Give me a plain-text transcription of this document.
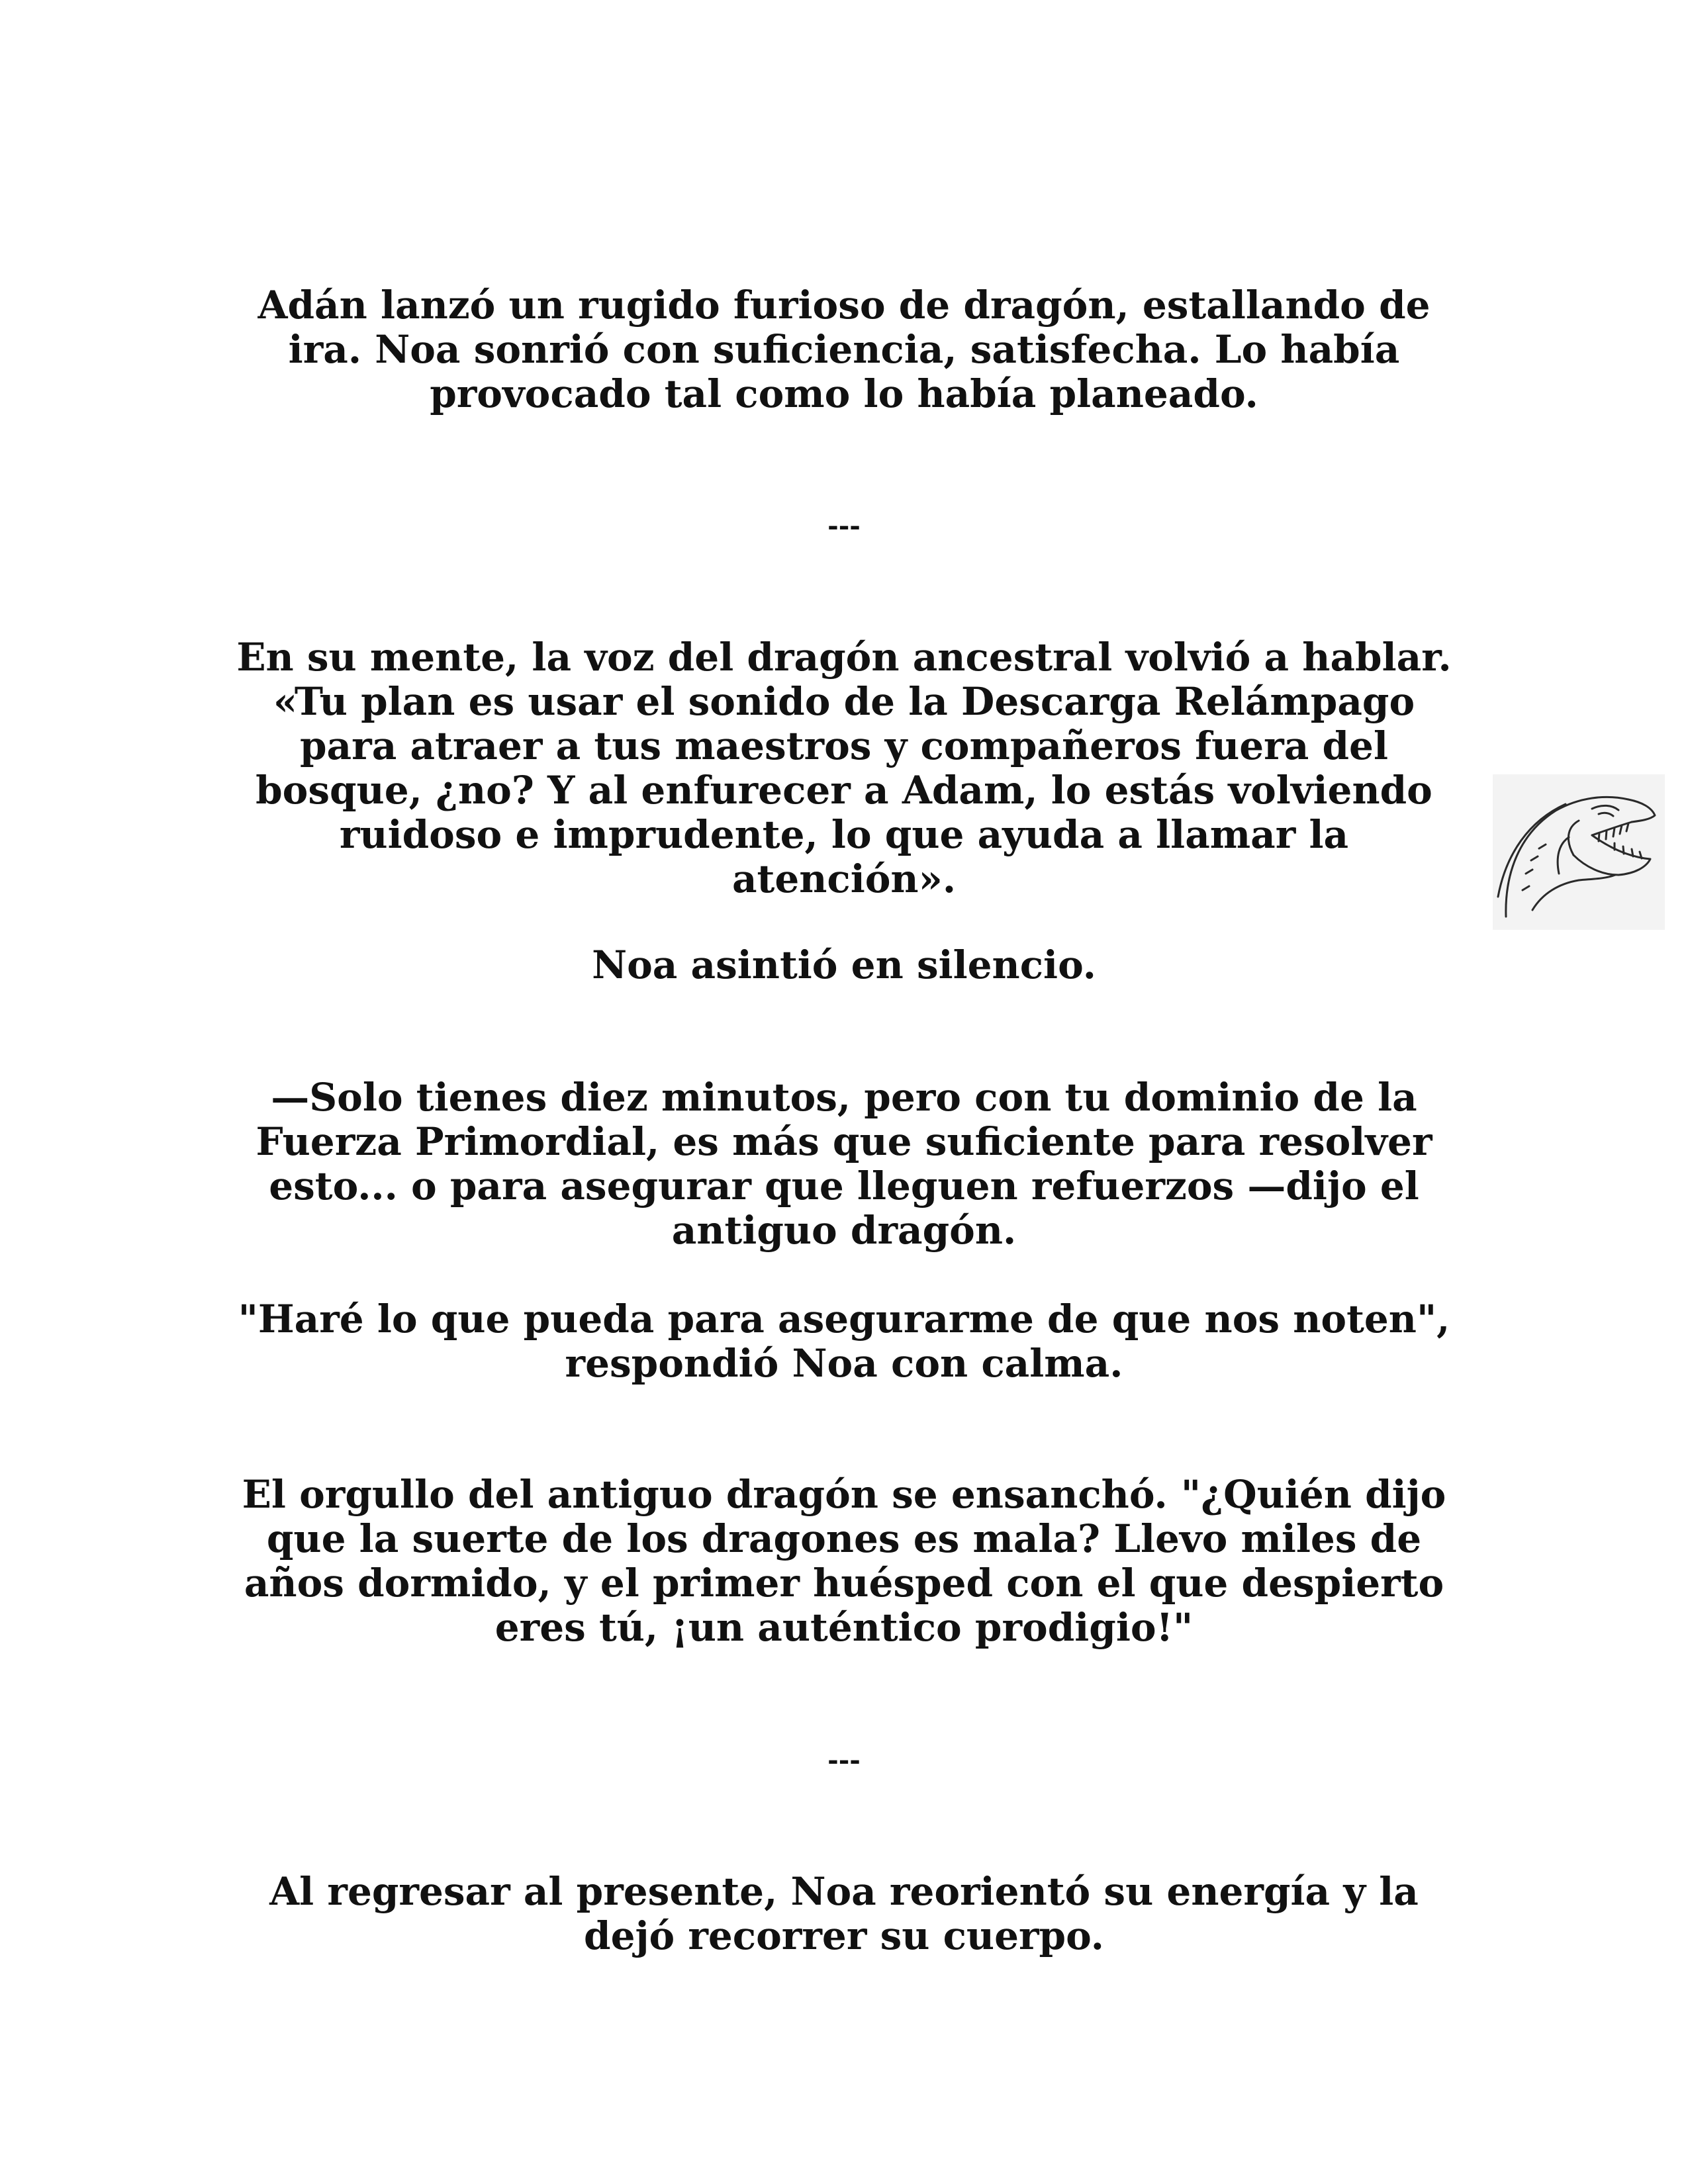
Adán lanzó un rugido furioso de dragón, estallando de ira. Noa sonrió con suficiencia, satisfecha. Lo había provocado tal como lo había planeado.

---

En su mente, la voz del dragón ancestral volvió a hablar. «Tu plan es usar el sonido de la Descarga Relámpago para atraer a tus maestros y compañeros fuera del bosque, ¿no? Y al enfurecer a Adam, lo estás volviendo ruidoso e imprudente, lo que ayuda a llamar la atención».

Noa asintió en silencio.

—Solo tienes diez minutos, pero con tu dominio de la Fuerza Primordial, es más que suficiente para resolver esto... o para asegurar que lleguen refuerzos —dijo el antiguo dragón.

"Haré lo que pueda para asegurarme de que nos noten", respondió Noa con calma.

El orgullo del antiguo dragón se ensanchó. "¿Quién dijo que la suerte de los dragones es mala? Llevo miles de años dormido, y el primer huésped con el que despierto eres tú, ¡un auténtico prodigio!"

---

Al regresar al presente, Noa reorientó su energía y la dejó recorrer su cuerpo.
